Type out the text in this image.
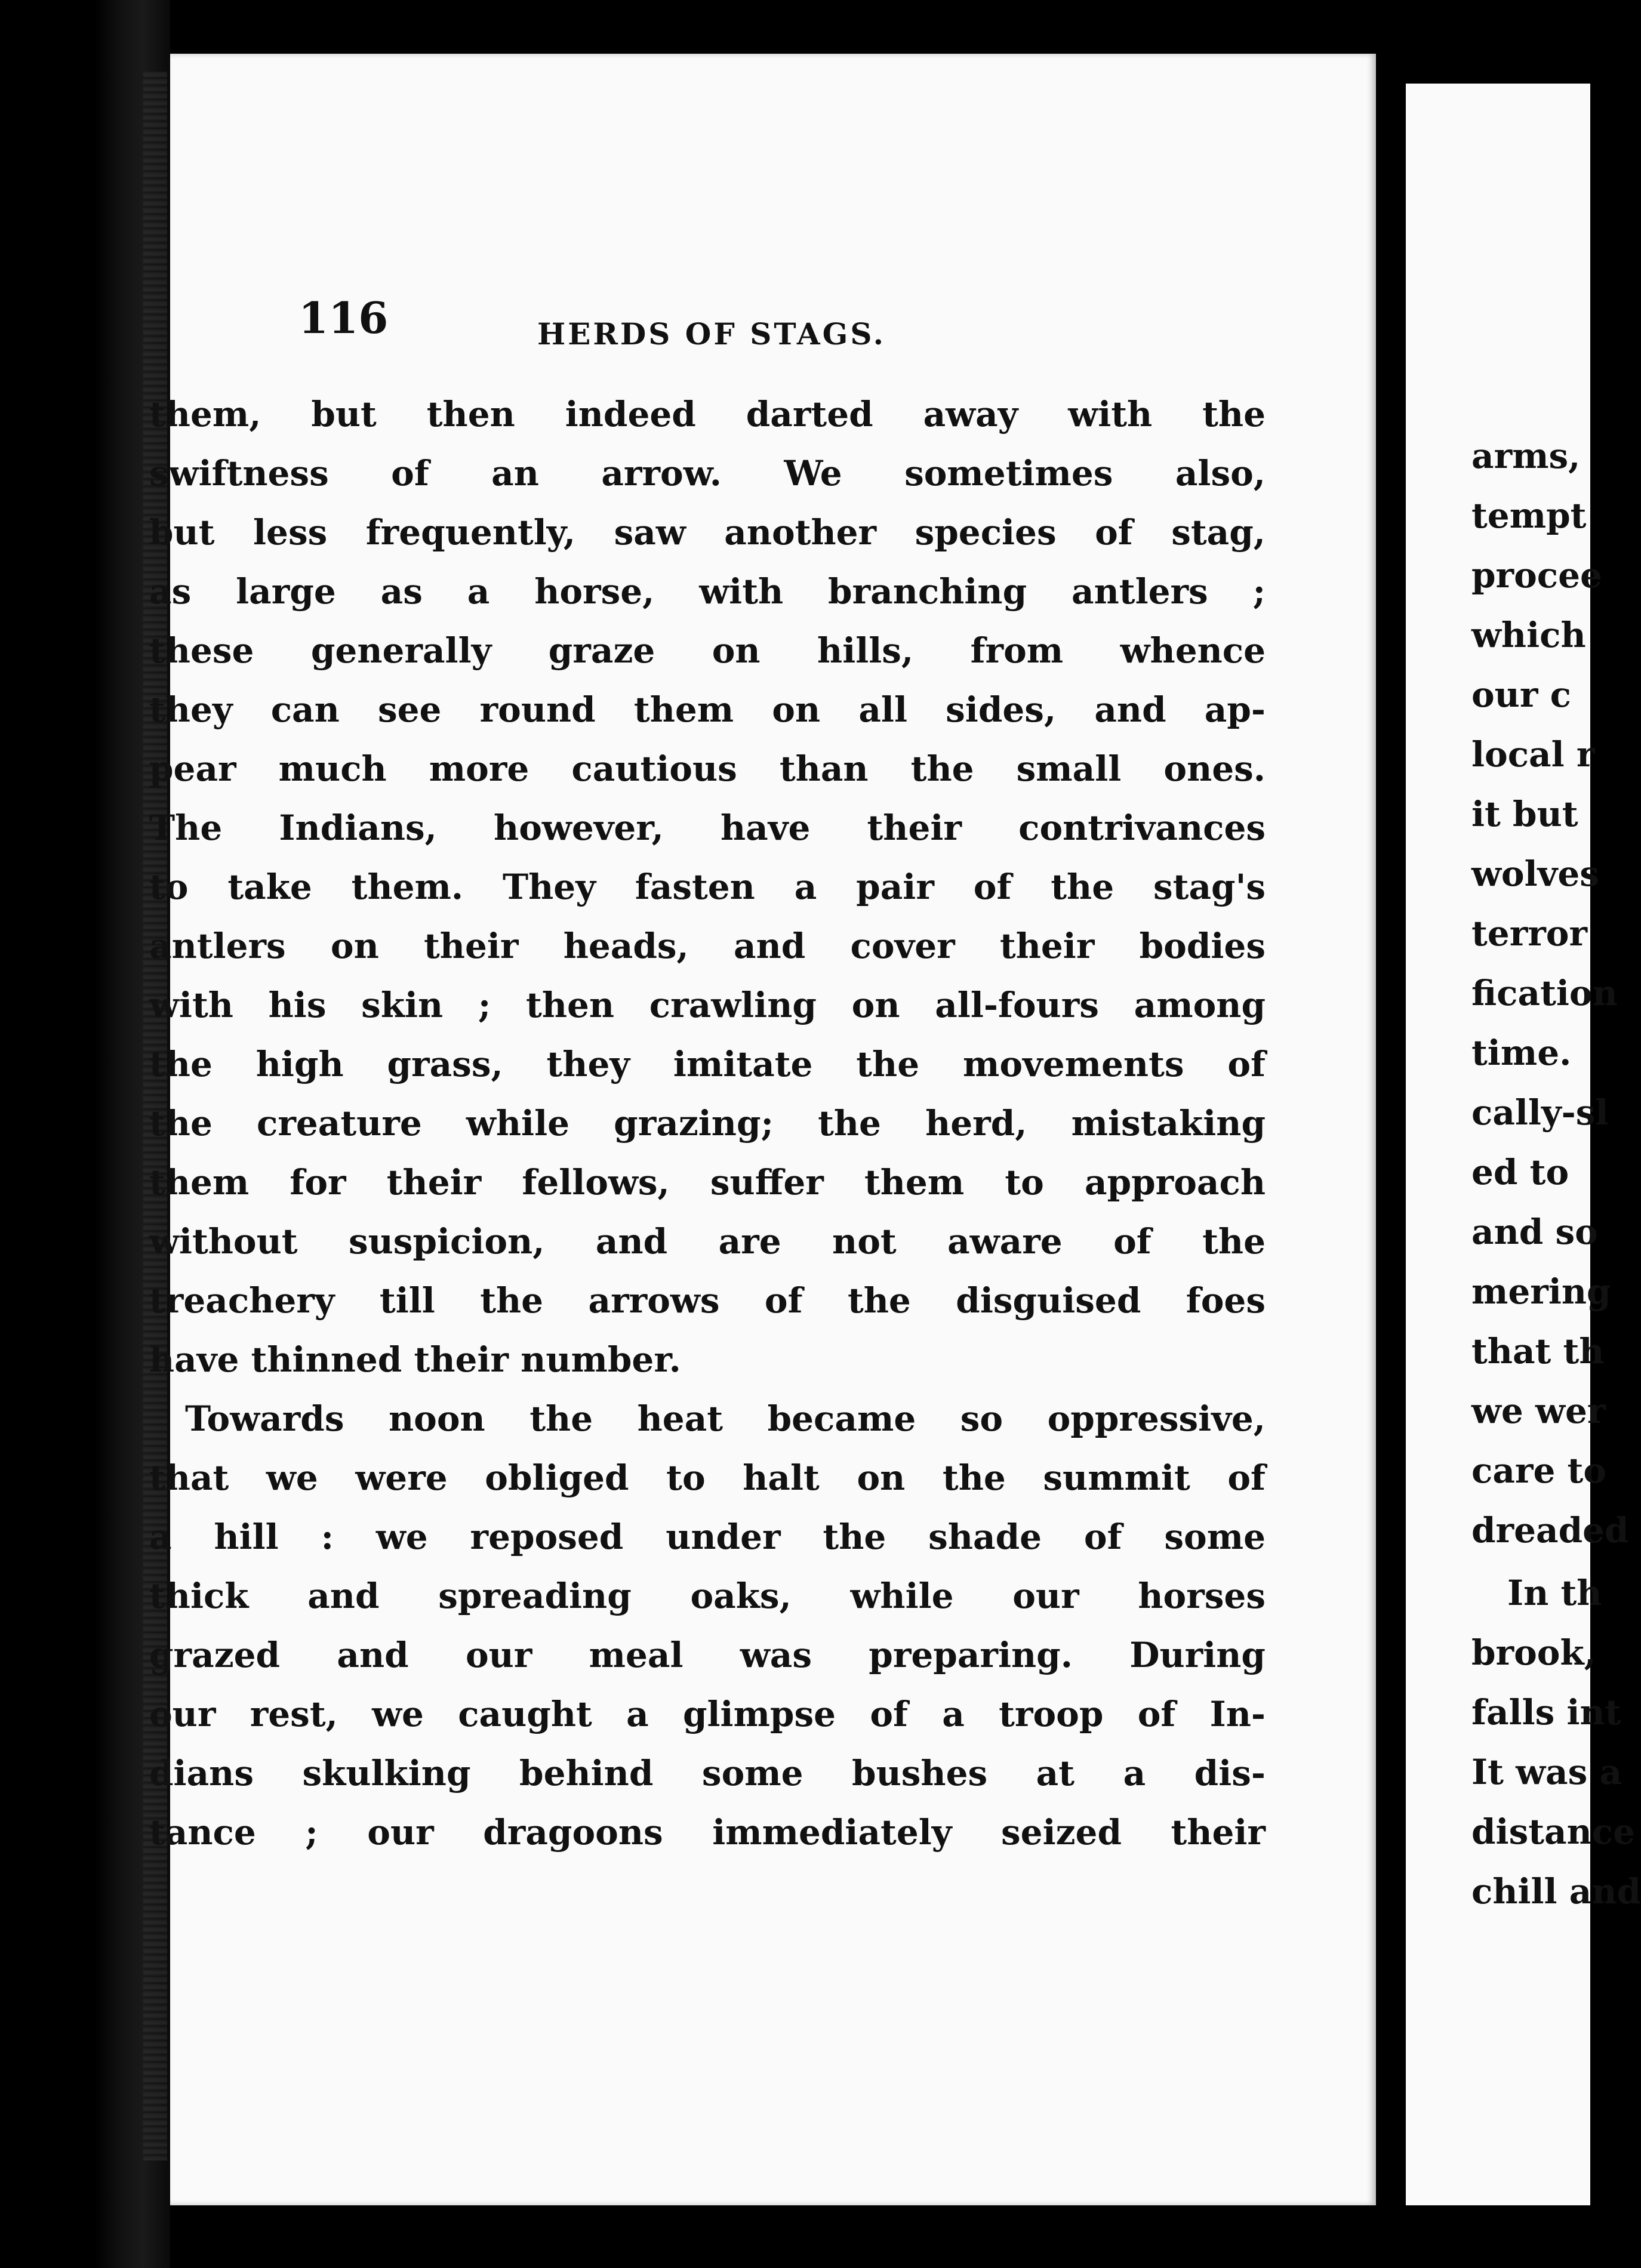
116	HERDS OF STAGS.
them, but then indeed darted away with the
swiftness of an arrow. We sometimes also,
but less frequently, saw another species of stag,
as large as a horse, with branching antlers ;
these generally graze on hills, from whence
they can see round them on all sides, and ap-
pear much more cautious than the small ones.
The Indians, however, have their contrivances
to take them. They fasten a pair of the stag's
antlers on their heads, and cover their bodies
with his skin ; then crawling on all-fours among
the high grass, they imitate the movements of
the creature while grazing; the herd, mistaking
them for their fellows, suffer them to approach
without suspicion, and are not aware of the
treachery till the arrows of the disguised foes
have thinned their number.
Towards noon the heat became so oppressive,
that we were obliged to halt on the summit of
a hill : we reposed under the shade of some
thick and spreading oaks, while our horses
grazed and our meal was preparing. During
our rest, we caught a glimpse of a troop of In-
dians skulking behind some bushes at a dis-
tance ; our dragoons immediately seized their
arms,
tempt
procee
which
our c
local r
it but
wolves
terror
fication
time.
cally-sl
ed to
and so
mering
that th
we wer
care to
dreaded
In th
brook,
falls int
It was a
distance
chill and
